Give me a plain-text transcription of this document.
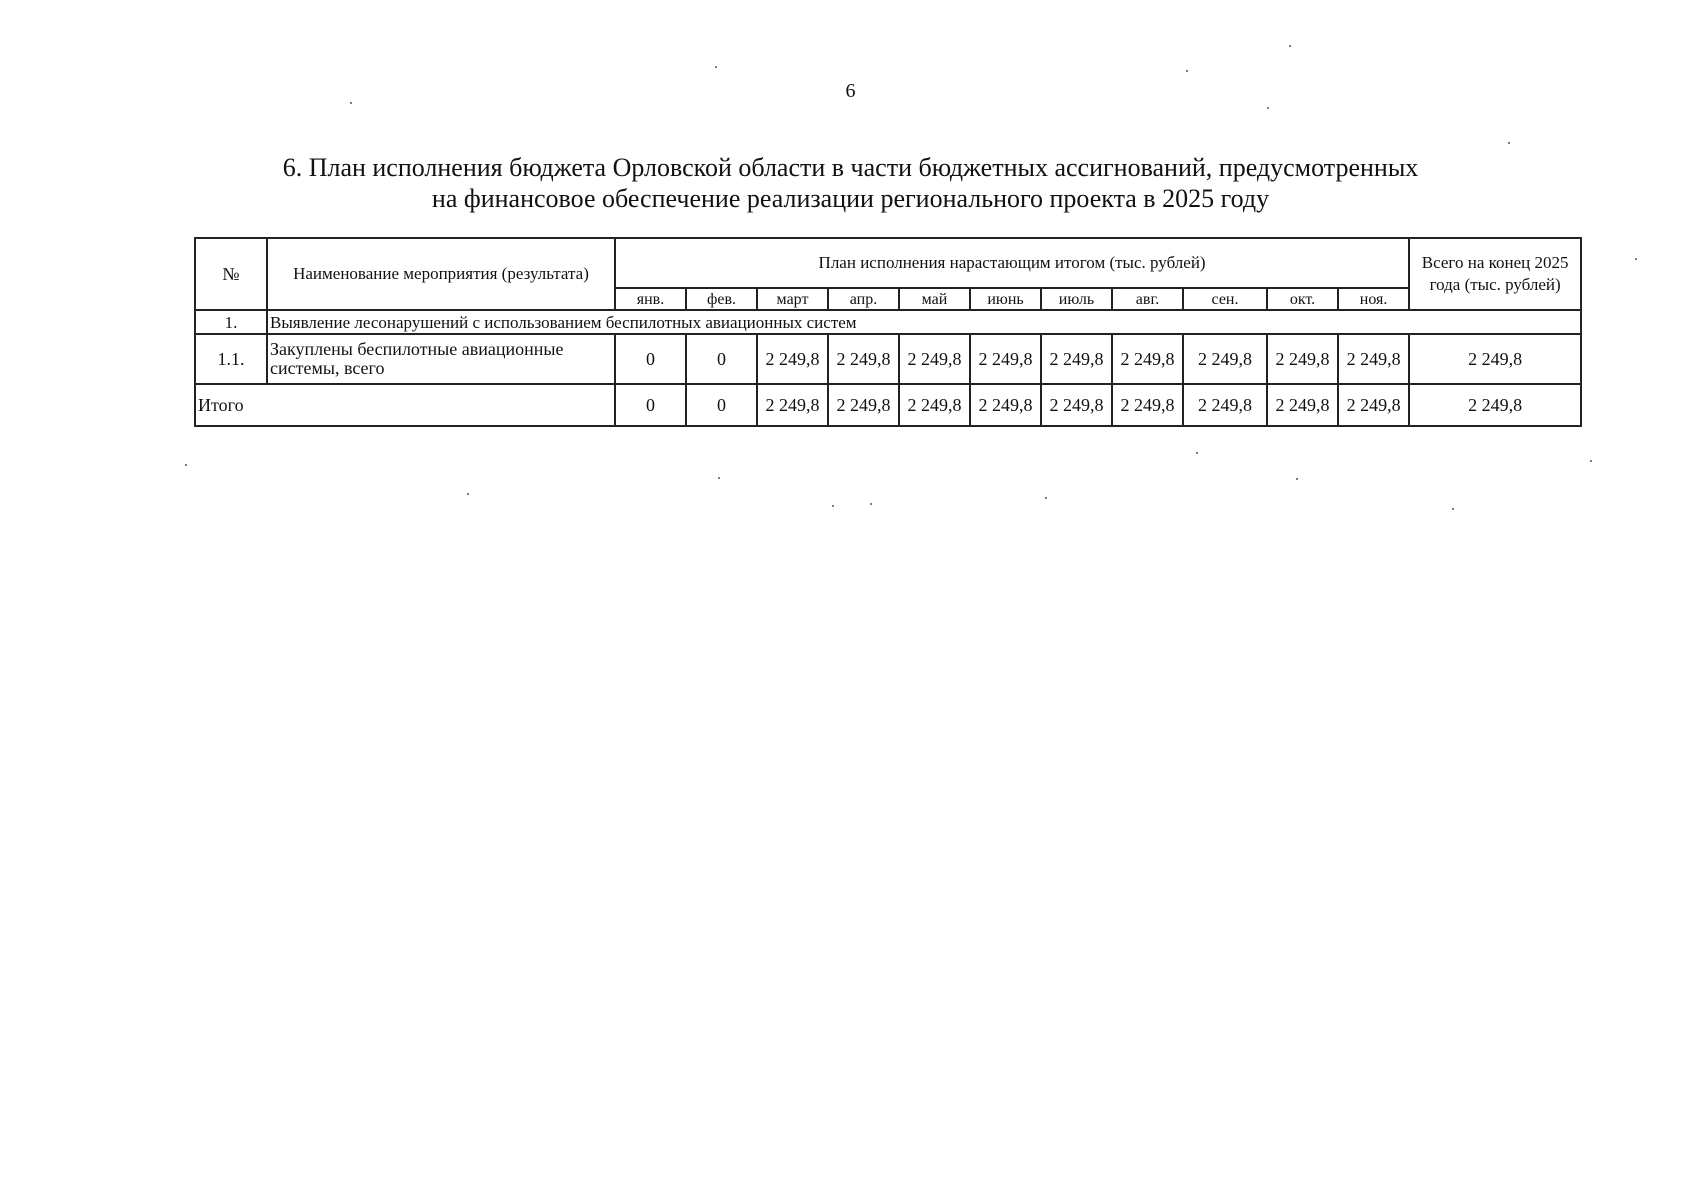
6
6. План исполнения бюджета Орловской области в части бюджетных ассигнований, предусмотренных
на финансовое обеспечение реализации регионального проекта в 2025 году
№	Наименование мероприятия (результата)	План исполнения нарастающим итогом (тыс. рублей)											Всего на конец 2025 года (тыс. рублей)
		янв.	фев.	март	апр.	май	июнь	июль	авг.	сен.	окт.	ноя.	
1.	Выявление лесонарушений с использованием беспилотных авиационных систем												
1.1.	Закуплены беспилотные авиационные системы, всего	0	0	2 249,8	2 249,8	2 249,8	2 249,8	2 249,8	2 249,8	2 249,8	2 249,8	2 249,8	2 249,8
Итого		0	0	2 249,8	2 249,8	2 249,8	2 249,8	2 249,8	2 249,8	2 249,8	2 249,8	2 249,8	2 249,8
